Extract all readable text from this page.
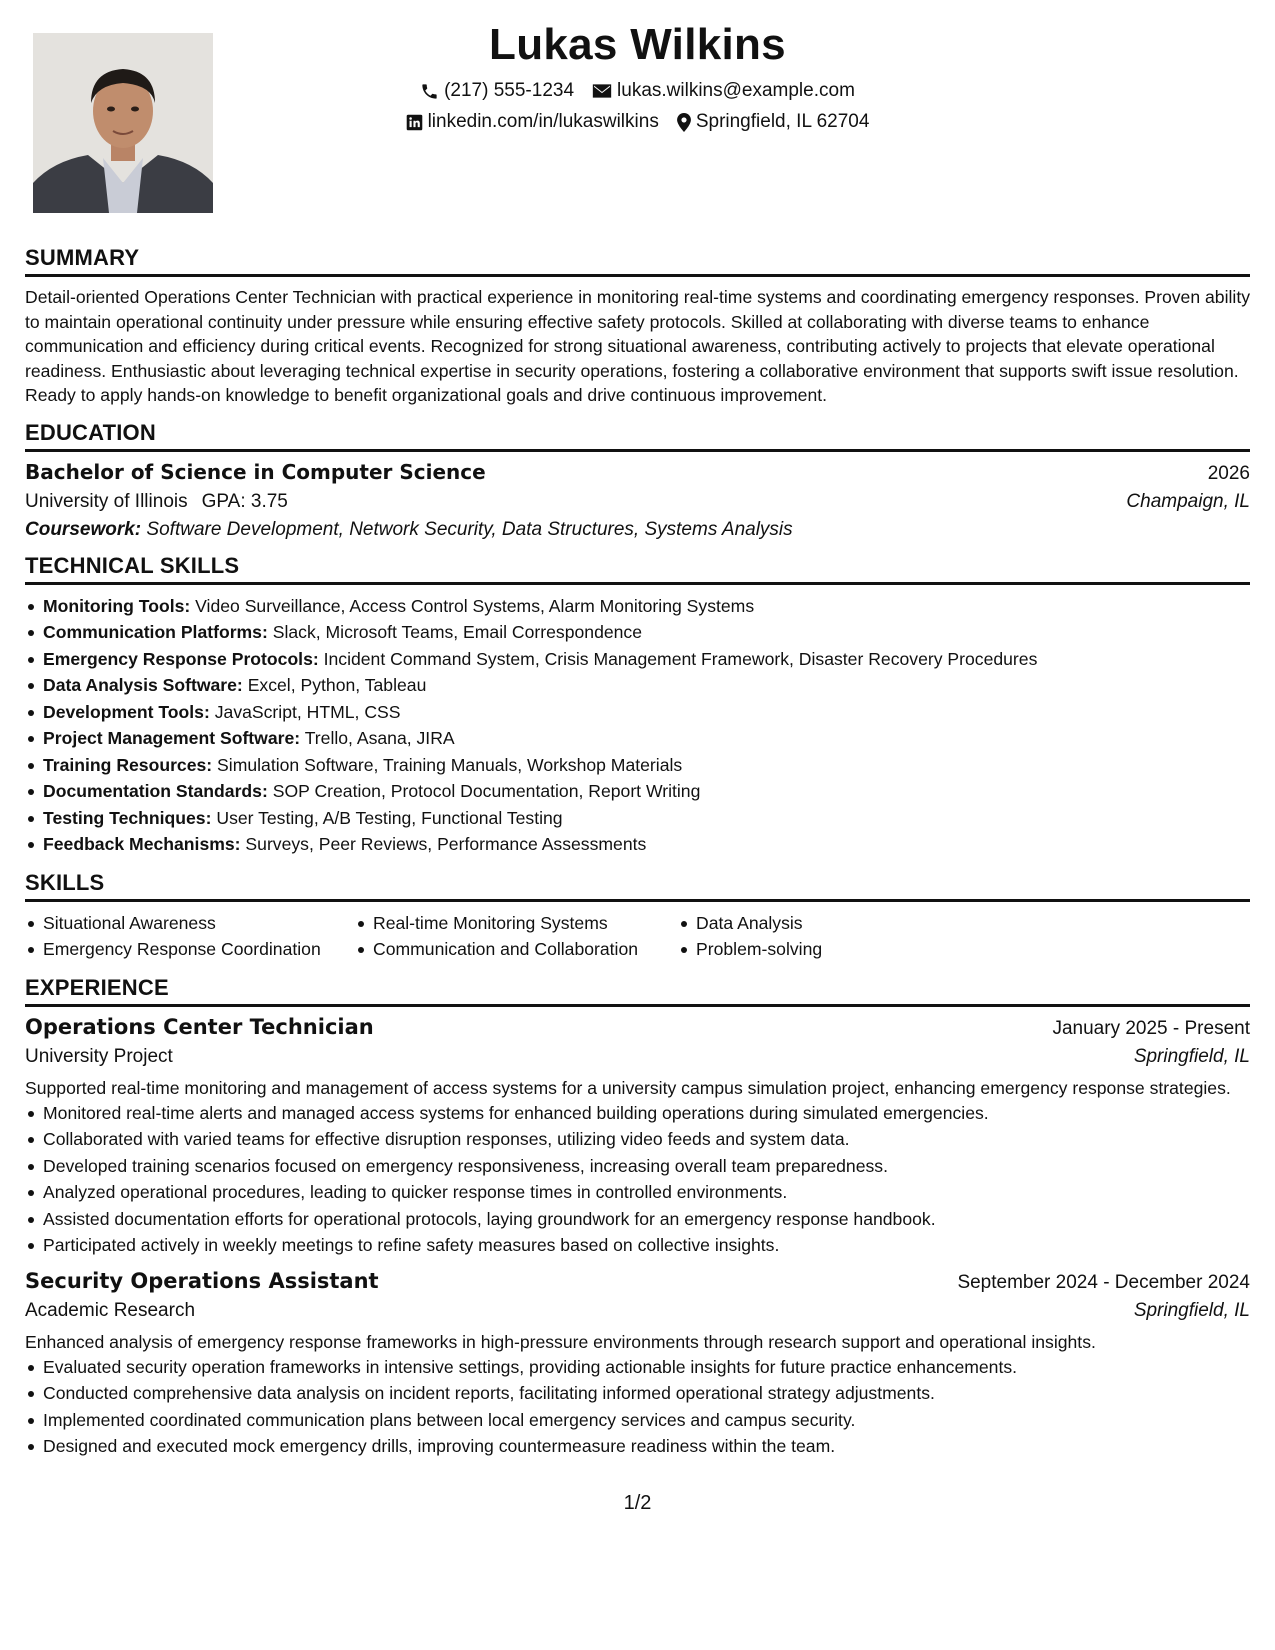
Lukas Wilkins
(217) 555-1234 lukas.wilkins@example.com
linkedin.com/in/lukaswilkins Springfield, IL 62704
SUMMARY
Detail-oriented Operations Center Technician with practical experience in monitoring real-time systems and coordinating emergency responses. Proven ability to maintain operational continuity under pressure while ensuring effective safety protocols. Skilled at collaborating with diverse teams to enhance communication and efficiency during critical events. Recognized for strong situational awareness, contributing actively to projects that elevate operational readiness. Enthusiastic about leveraging technical expertise in security operations, fostering a collaborative environment that supports swift issue resolution. Ready to apply hands-on knowledge to benefit organizational goals and drive continuous improvement.
EDUCATION
Bachelor of Science in Computer Science	2026
University of Illinois GPA: 3.75	Champaign, IL
Coursework: Software Development, Network Security, Data Structures, Systems Analysis
TECHNICAL SKILLS
Monitoring Tools: Video Surveillance, Access Control Systems, Alarm Monitoring Systems
Communication Platforms: Slack, Microsoft Teams, Email Correspondence
Emergency Response Protocols: Incident Command System, Crisis Management Framework, Disaster Recovery Procedures
Data Analysis Software: Excel, Python, Tableau
Development Tools: JavaScript, HTML, CSS
Project Management Software: Trello, Asana, JIRA
Training Resources: Simulation Software, Training Manuals, Workshop Materials
Documentation Standards: SOP Creation, Protocol Documentation, Report Writing
Testing Techniques: User Testing, A/B Testing, Functional Testing
Feedback Mechanisms: Surveys, Peer Reviews, Performance Assessments
SKILLS
Situational Awareness	Real-time Monitoring Systems	Data Analysis
Emergency Response Coordination	Communication and Collaboration	Problem-solving
EXPERIENCE
Operations Center Technician	January 2025 - Present
University Project	Springfield, IL
Supported real-time monitoring and management of access systems for a university campus simulation project, enhancing emergency response strategies.
Monitored real-time alerts and managed access systems for enhanced building operations during simulated emergencies.
Collaborated with varied teams for effective disruption responses, utilizing video feeds and system data.
Developed training scenarios focused on emergency responsiveness, increasing overall team preparedness.
Analyzed operational procedures, leading to quicker response times in controlled environments.
Assisted documentation efforts for operational protocols, laying groundwork for an emergency response handbook.
Participated actively in weekly meetings to refine safety measures based on collective insights.
Security Operations Assistant	September 2024 - December 2024
Academic Research	Springfield, IL
Enhanced analysis of emergency response frameworks in high-pressure environments through research support and operational insights.
Evaluated security operation frameworks in intensive settings, providing actionable insights for future practice enhancements.
Conducted comprehensive data analysis on incident reports, facilitating informed operational strategy adjustments.
Implemented coordinated communication plans between local emergency services and campus security.
Designed and executed mock emergency drills, improving countermeasure readiness within the team.
1/2
